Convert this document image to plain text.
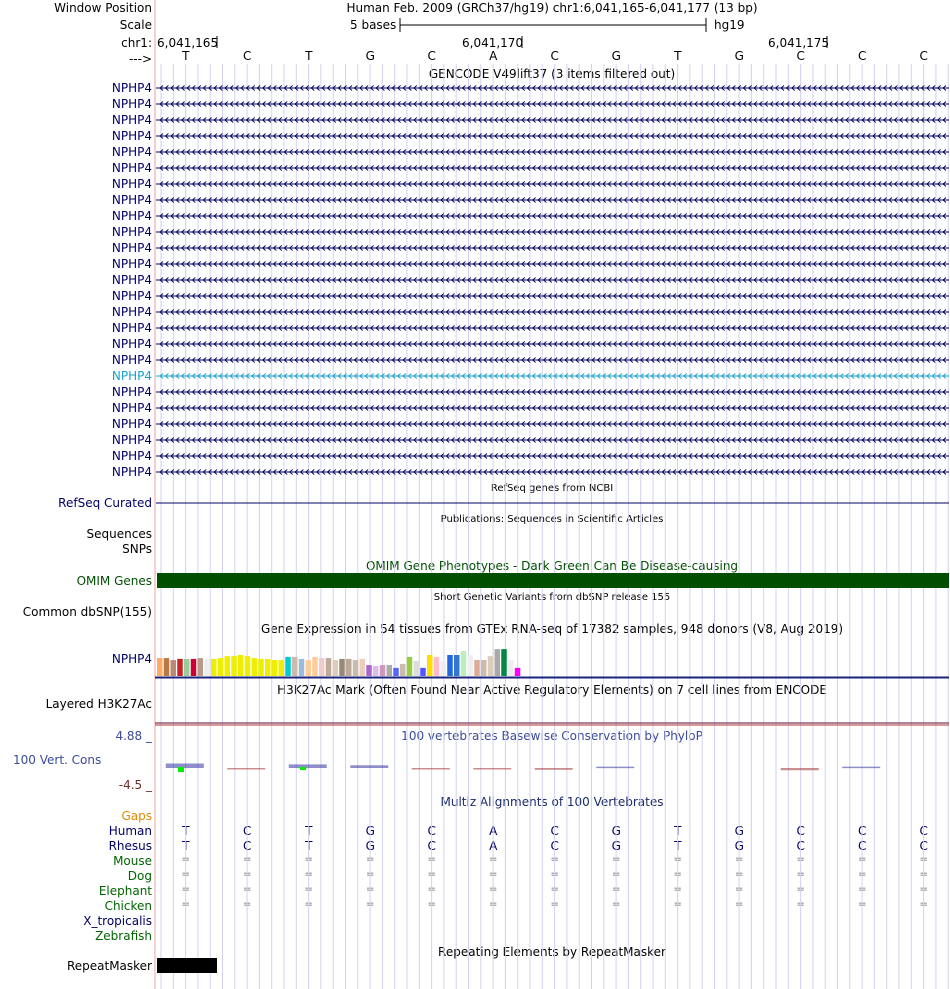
Window Position
Scale
chr1:
--->
Human Feb. 2009 (GRCh37/hg19) chr1:6,041,165-6,041,177 (13 bp)
5 bases	hg19
6,041,165	6,041,170	6,041,175
T	C	T	G	C	A	C	G	T	G	C	C	C
GENCODE V49lift37 (3 items filtered out)
NPHP4
NPHP4
NPHP4
NPHP4
NPHP4
NPHP4
NPHP4
NPHP4
NPHP4
NPHP4
NPHP4
NPHP4
NPHP4
NPHP4
NPHP4
NPHP4
NPHP4
NPHP4
NPHP4
NPHP4
NPHP4
NPHP4
NPHP4
NPHP4
NPHP4
RefSeq genes from NCBI
RefSeq Curated
Publications: Sequences in Scientific Articles
Sequences
SNPs
OMIM Gene Phenotypes - Dark Green Can Be Disease-causing
OMIM Genes
Short Genetic Variants from dbSNP release 155
Common dbSNP(155)
Gene Expression in 54 tissues from GTEx RNA-seq of 17382 samples, 948 donors (V8, Aug 2019)
NPHP4
H3K27Ac Mark (Often Found Near Active Regulatory Elements) on 7 cell lines from ENCODE
Layered H3K27Ac
100 vertebrates Basewise Conservation by PhyloP
4.88 _
100 Vert. Cons
-4.5 _
Multiz Alignments of 100 Vertebrates
Gaps
Human	T	C	T	G	C	A	C	G	T	G	C	C	C
Rhesus	T	C	T	G	C	A	C	G	T	G	C	C	C
Mouse	=	=	=	=	=	=	=	=	=	=	=	=	=
Dog	=	=	=	=	=	=	=	=	=	=	=	=	=
Elephant	=	=	=	=	=	=	=	=	=	=	=	=	=
Chicken	=	=	=	=	=	=	=	=	=	=	=	=	=
X_tropicalis
Zebrafish
Repeating Elements by RepeatMasker
RepeatMasker
